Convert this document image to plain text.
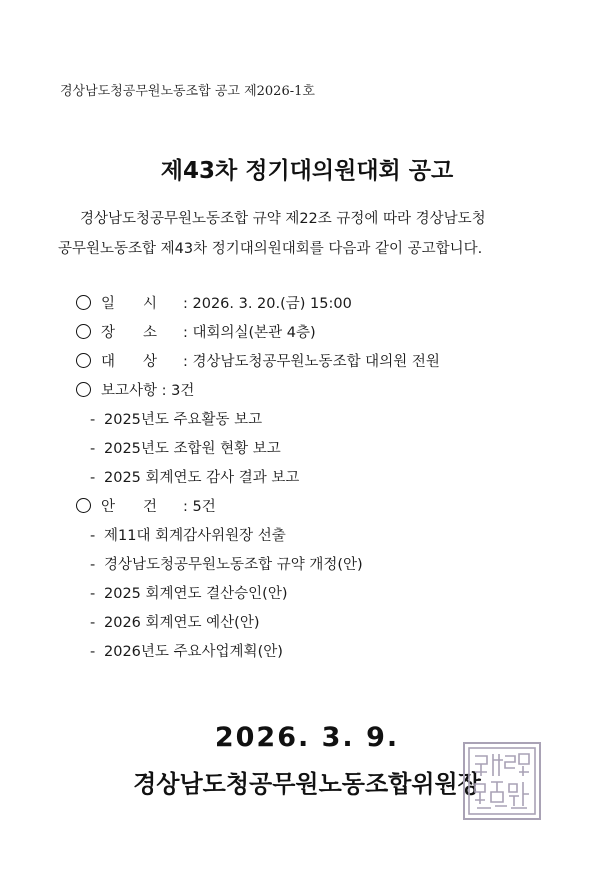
경상남도청공무원노동조합 공고 제2026-1호
제43차 정기대의원대회 공고
경상남도청공무원노동조합 규약 제22조 규정에 따라 경상남도청
공무원노동조합 제43차 정기대의원대회를 다음과 같이 공고합니다.
일 시 : 2026. 3. 20.(금) 15:00
장 소 : 대회의실(본관 4층)
대 상 : 경상남도청공무원노동조합 대의원 전원
보고사항 : 3건
- 2025년도 주요활동 보고
- 2025년도 조합원 현황 보고
- 2025 회계연도 감사 결과 보고
안 건 : 5건
- 제11대 회계감사위원장 선출
- 경상남도청공무원노동조합 규약 개정(안)
- 2025 회계연도 결산승인(안)
- 2026 회계연도 예산(안)
- 2026년도 주요사업계획(안)
2026. 3. 9.
경상남도청공무원노동조합위원장
